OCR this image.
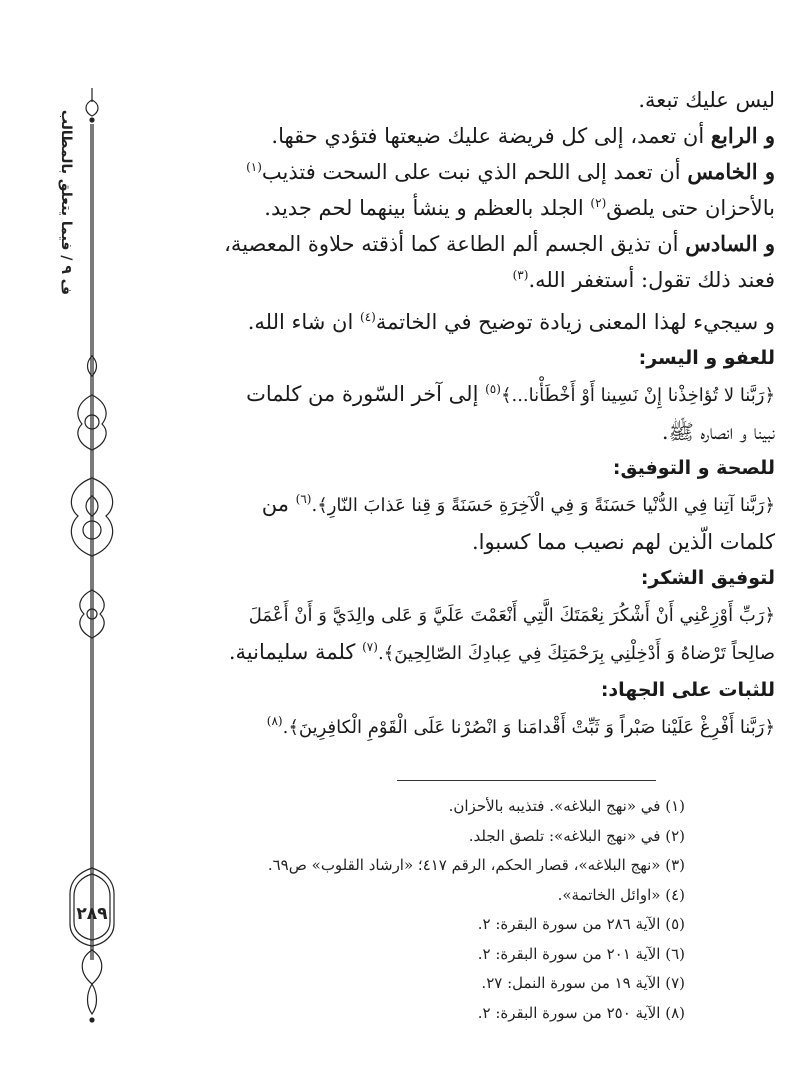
ف ٩ / فيما يتعلق بالمطالب
٢٨٩

ليس عليك تبعة.

و الرابع أن تعمد، إلى كل فريضة عليك ضيعتها فتؤدي حقها.

و الخامس أن تعمد إلى اللحم الذي نبت على السحت فتذيب$^{(١)}$

بالأحزان حتى يلصق$^{(٢)}$ الجلد بالعظم و ينشأ بينهما لحم جديد.

و السادس أن تذيق الجسم ألم الطاعة كما أذقته حلاوة المعصية،

فعند ذلك تقول: أستغفر الله.$^{(٣)}$

و سيجيء لهذا المعنى زيادة توضيح في الخاتمة$^{(٤)}$ ان شاء الله.

للعفو و اليسر:

﴿رَبَّنا لا تُؤاخِذْنا إِنْ نَسِينا أَوْ أَخْطَأْنا...﴾$^{(٥)}$ إلى آخر السّورة من كلمات

نبينا و انصاره ﷺ.

للصحة و التوفيق:

﴿رَبَّنا آتِنا فِي الدُّنْيا حَسَنَةً وَ فِي الْآخِرَةِ حَسَنَةً وَ قِنا عَذابَ النّارِ﴾.$^{(٦)}$ من

كلمات الّذين لهم نصيب مما كسبوا.

لتوفيق الشكر:

﴿رَبِّ أَوْزِعْنِي أَنْ أَشْكُرَ نِعْمَتَكَ الَّتِي أَنْعَمْتَ عَلَيَّ وَ عَلى والِدَيَّ وَ أَنْ أَعْمَلَ

صالِحاً تَرْضاهُ وَ أَدْخِلْنِي بِرَحْمَتِكَ فِي عِبادِكَ الصّالِحِينَ﴾.$^{(٧)}$ كلمة سليمانية.

للثبات على الجهاد:

﴿رَبَّنا أَفْرِغْ عَلَيْنا صَبْراً وَ ثَبِّتْ أَقْدامَنا وَ انْصُرْنا عَلَى الْقَوْمِ الْكافِرِينَ﴾.$^{(٨)}$

(١) في «نهج البلاغه». فتذيبه بالأحزان.
(٢) في «نهج البلاغه»: تلصق الجلد.
(٣) «نهج البلاغه»، قصار الحكم، الرقم ٤١٧؛ «ارشاد القلوب» ص٦٩.
(٤) «اوائل الخاتمة».
(٥) الآية ٢٨٦ من سورة البقرة: ٢.
(٦) الآية ٢٠١ من سورة البقرة: ٢.
(٧) الآية ١٩ من سورة النمل: ٢٧.
(٨) الآية ٢٥٠ من سورة البقرة: ٢.
